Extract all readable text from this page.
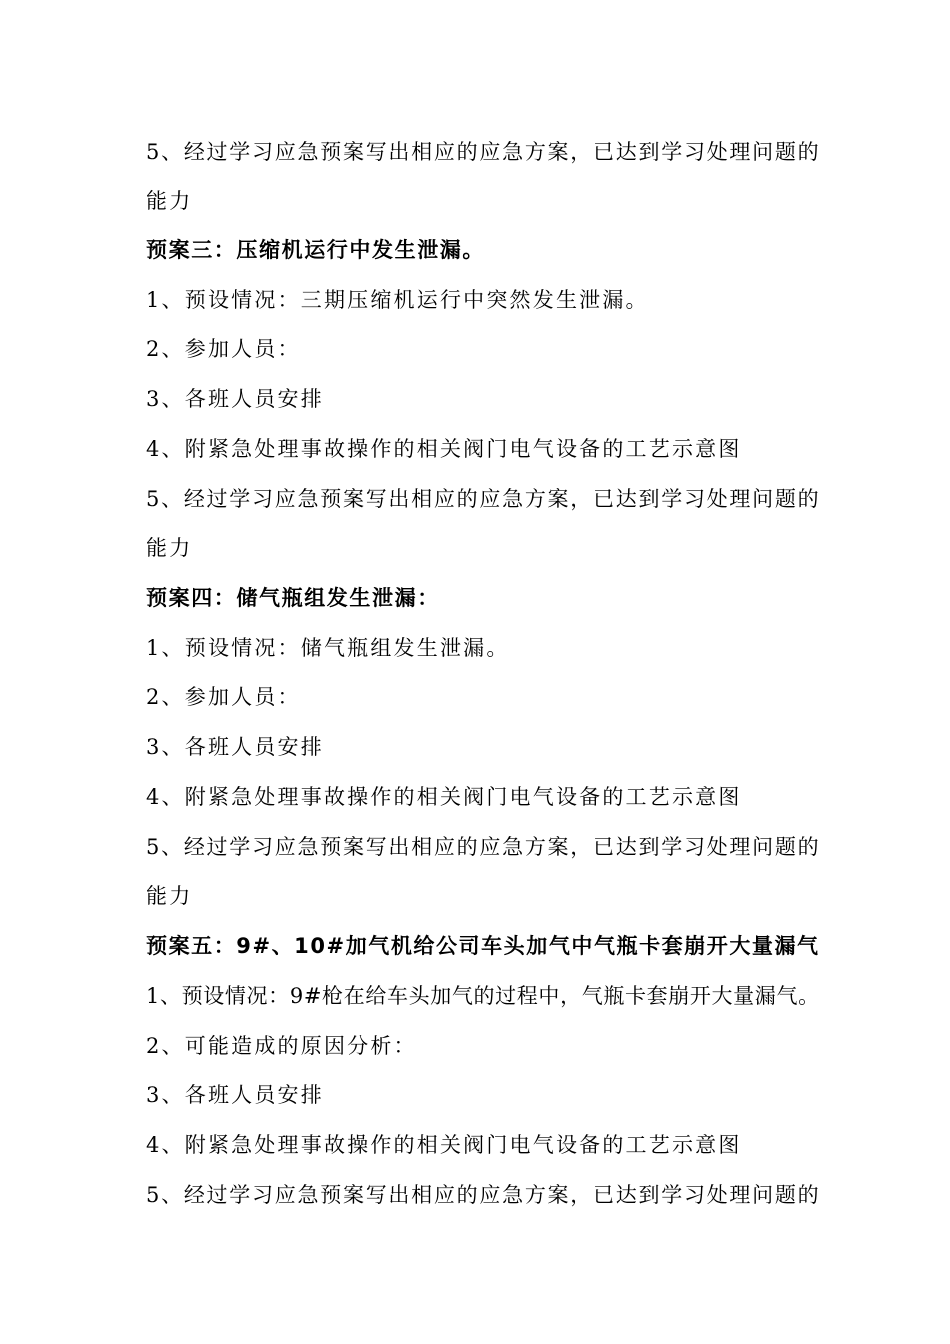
5、经过学习应急预案写出相应的应急方案，已达到学习处理问题的
能力
预案三：压缩机运行中发生泄漏。
1、预设情况：三期压缩机运行中突然发生泄漏。
2、参加人员：
3、各班人员安排
4、附紧急处理事故操作的相关阀门电气设备的工艺示意图
5、经过学习应急预案写出相应的应急方案，已达到学习处理问题的
能力
预案四：储气瓶组发生泄漏：
1、预设情况：储气瓶组发生泄漏。
2、参加人员：
3、各班人员安排
4、附紧急处理事故操作的相关阀门电气设备的工艺示意图
5、经过学习应急预案写出相应的应急方案，已达到学习处理问题的
能力
预案五：9#、10#加气机给公司车头加气中气瓶卡套崩开大量漏气
1、预设情况：9#枪在给车头加气的过程中，气瓶卡套崩开大量漏气。
2、可能造成的原因分析：
3、各班人员安排
4、附紧急处理事故操作的相关阀门电气设备的工艺示意图
5、经过学习应急预案写出相应的应急方案，已达到学习处理问题的
